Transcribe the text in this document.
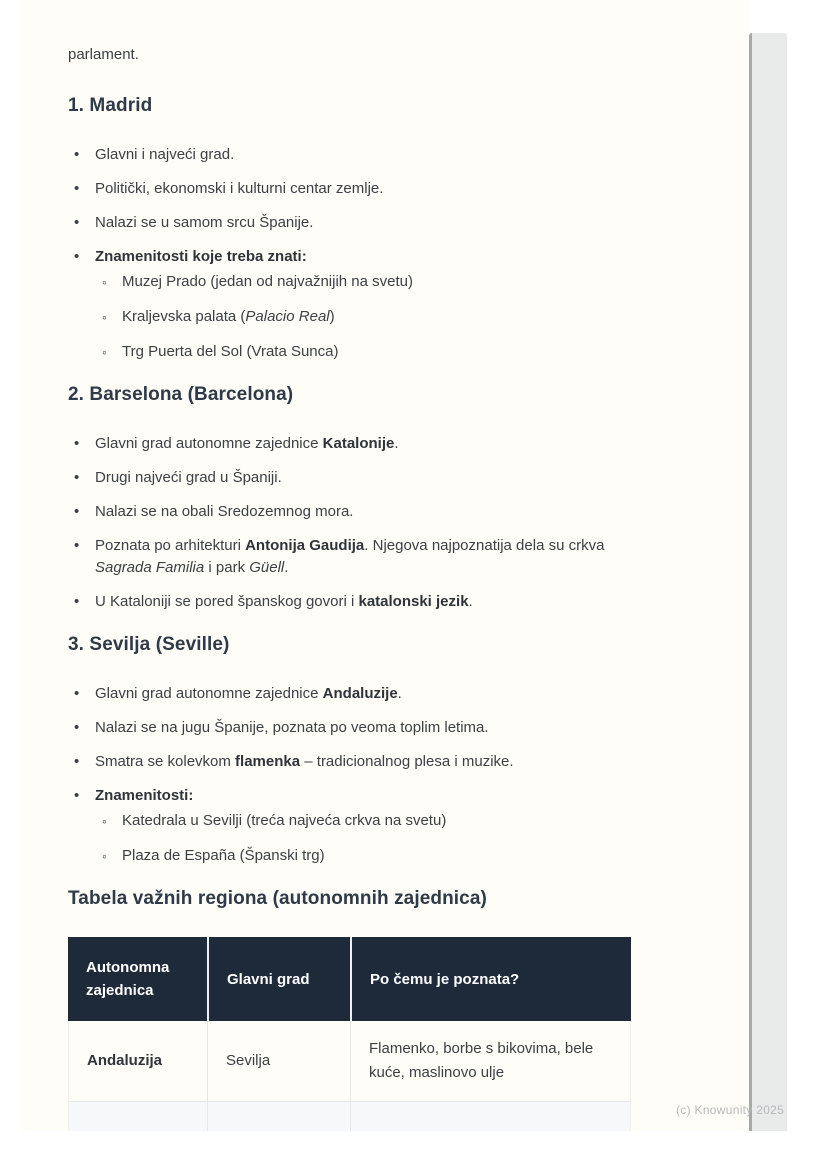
parlament.

1. Madrid
• Glavni i najveći grad.
• Politički, ekonomski i kulturni centar zemlje.
• Nalazi se u samom srcu Španije.
• Znamenitosti koje treba znati:
◦ Muzej Prado (jedan od najvažnijih na svetu)
◦ Kraljevska palata (Palacio Real)
◦ Trg Puerta del Sol (Vrata Sunca)
2. Barselona (Barcelona)
• Glavni grad autonomne zajednice Katalonije.
• Drugi najveći grad u Španiji.
• Nalazi se na obali Sredozemnog mora.
• Poznata po arhitekturi Antonija Gaudija. Njegova najpoznatija dela su crkva Sagrada Familia i park Güell.
• U Kataloniji se pored španskog govori i katalonski jezik.
3. Sevilja (Seville)
• Glavni grad autonomne zajednice Andaluzije.
• Nalazi se na jugu Španije, poznata po veoma toplim letima.
• Smatra se kolevkom flamenka – tradicionalnog plesa i muzike.
• Znamenitosti:
◦ Katedrala u Sevilji (treća najveća crkva na svetu)
◦ Plaza de España (Španski trg)
Tabela važnih regiona (autonomnih zajednica)
Autonomna zajednica	Glavni grad	Po čemu je poznata?
Andaluzija	Sevilja	Flamenko, borbe s bikovima, bele kuće, maslinovo ulje

(c) Knowunity 2025
